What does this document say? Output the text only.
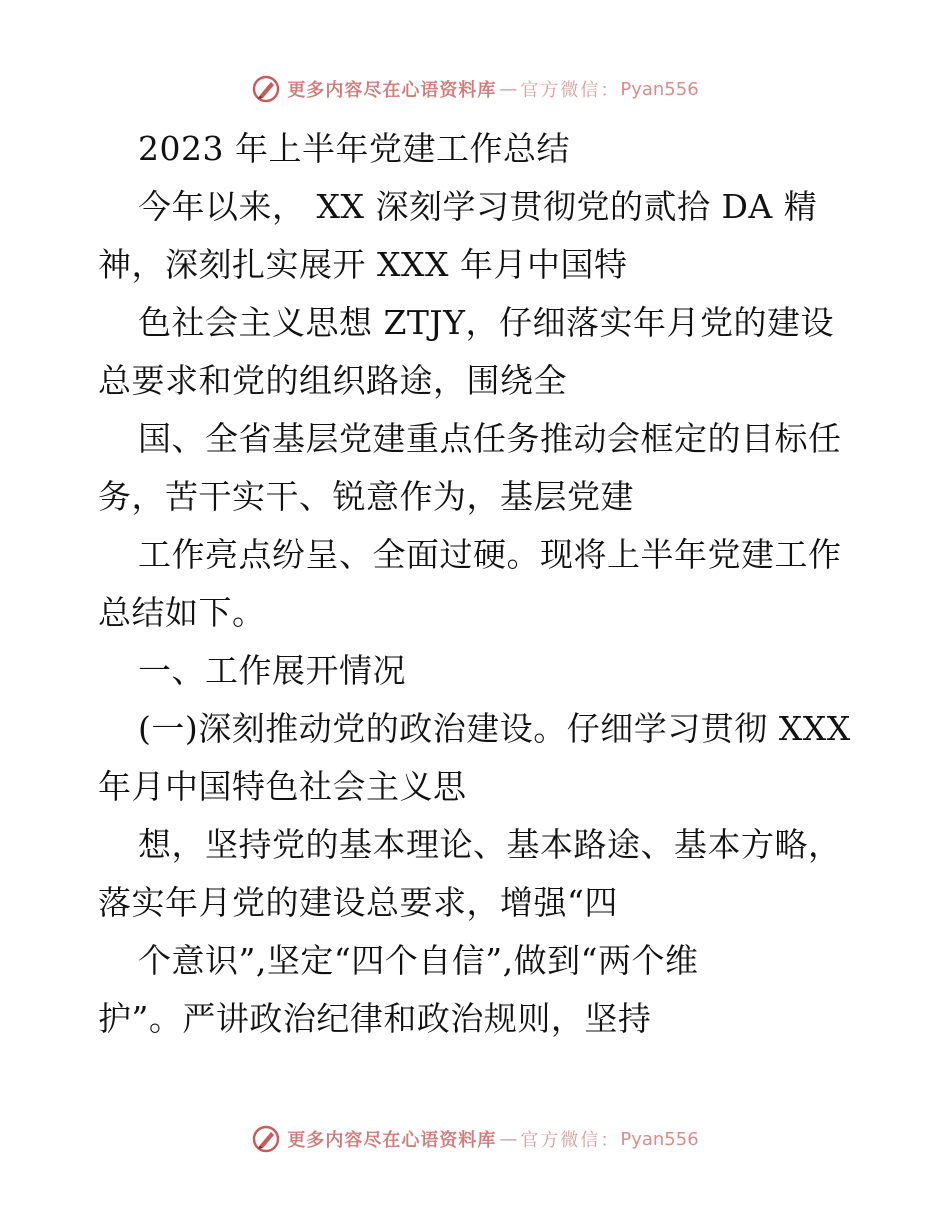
更多内容尽在心语资料库 — 官方微信： Pyan556
2023 年上半年党建工作总结
今年以来， XX 深刻学习贯彻党的贰拾 DA 精
神，深刻扎实展开 XXX 年月中国特
色社会主义思想 ZTJY，仔细落实年月党的建设
总要求和党的组织路途，围绕全
国、全省基层党建重点任务推动会框定的目标任
务，苦干实干、锐意作为，基层党建
工作亮点纷呈、全面过硬。现将上半年党建工作
总结如下。
一、工作展开情况
(一)深刻推动党的政治建设。仔细学习贯彻 XXX
年月中国特色社会主义思
想，坚持党的基本理论、基本路途、基本方略，
落实年月党的建设总要求，增强“四
个意识”,坚定“四个自信”,做到“两个维
护”。严讲政治纪律和政治规则，坚持
更多内容尽在心语资料库 — 官方微信： Pyan556
